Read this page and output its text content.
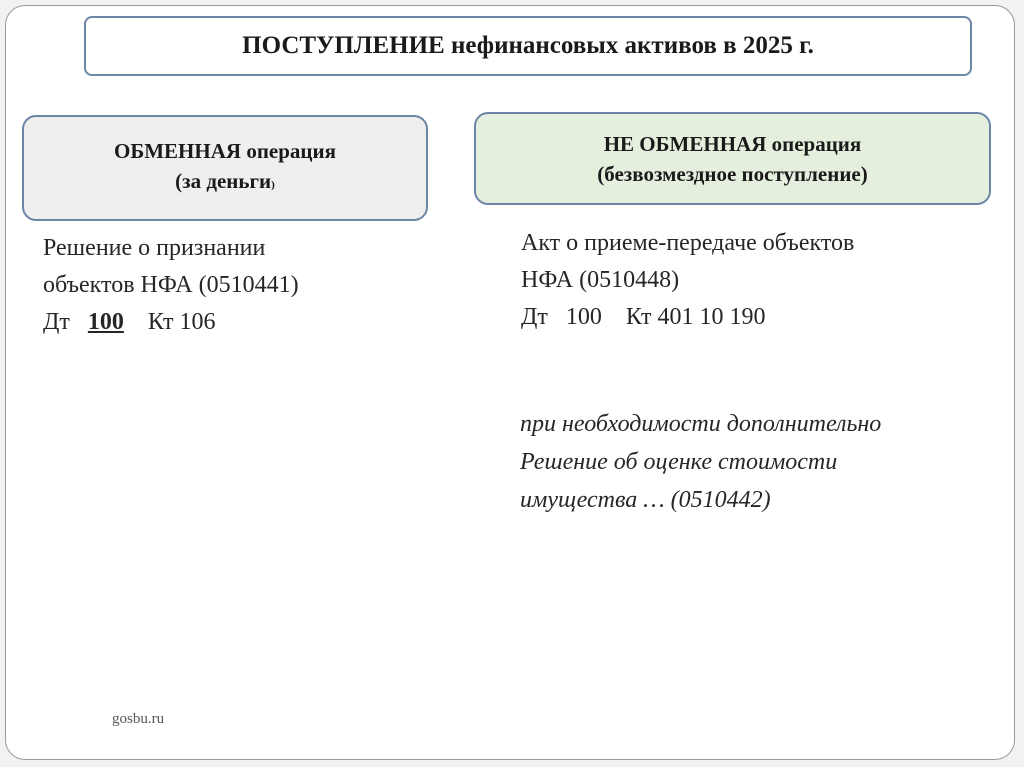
ПОСТУПЛЕНИЕ нефинансовых активов в 2025 г.
ОБМЕННАЯ операция
(за деньги)
НЕ ОБМЕННАЯ операция
(безвозмездное поступление)
Решение о признании
объектов НФА (0510441)
Дт 100 Кт 106
Акт о приеме-передаче объектов
НФА (0510448)
Дт 100 Кт 401 10 190
при необходимости дополнительно
Решение об оценке стоимости
имущества … (0510442)
gosbu.ru
